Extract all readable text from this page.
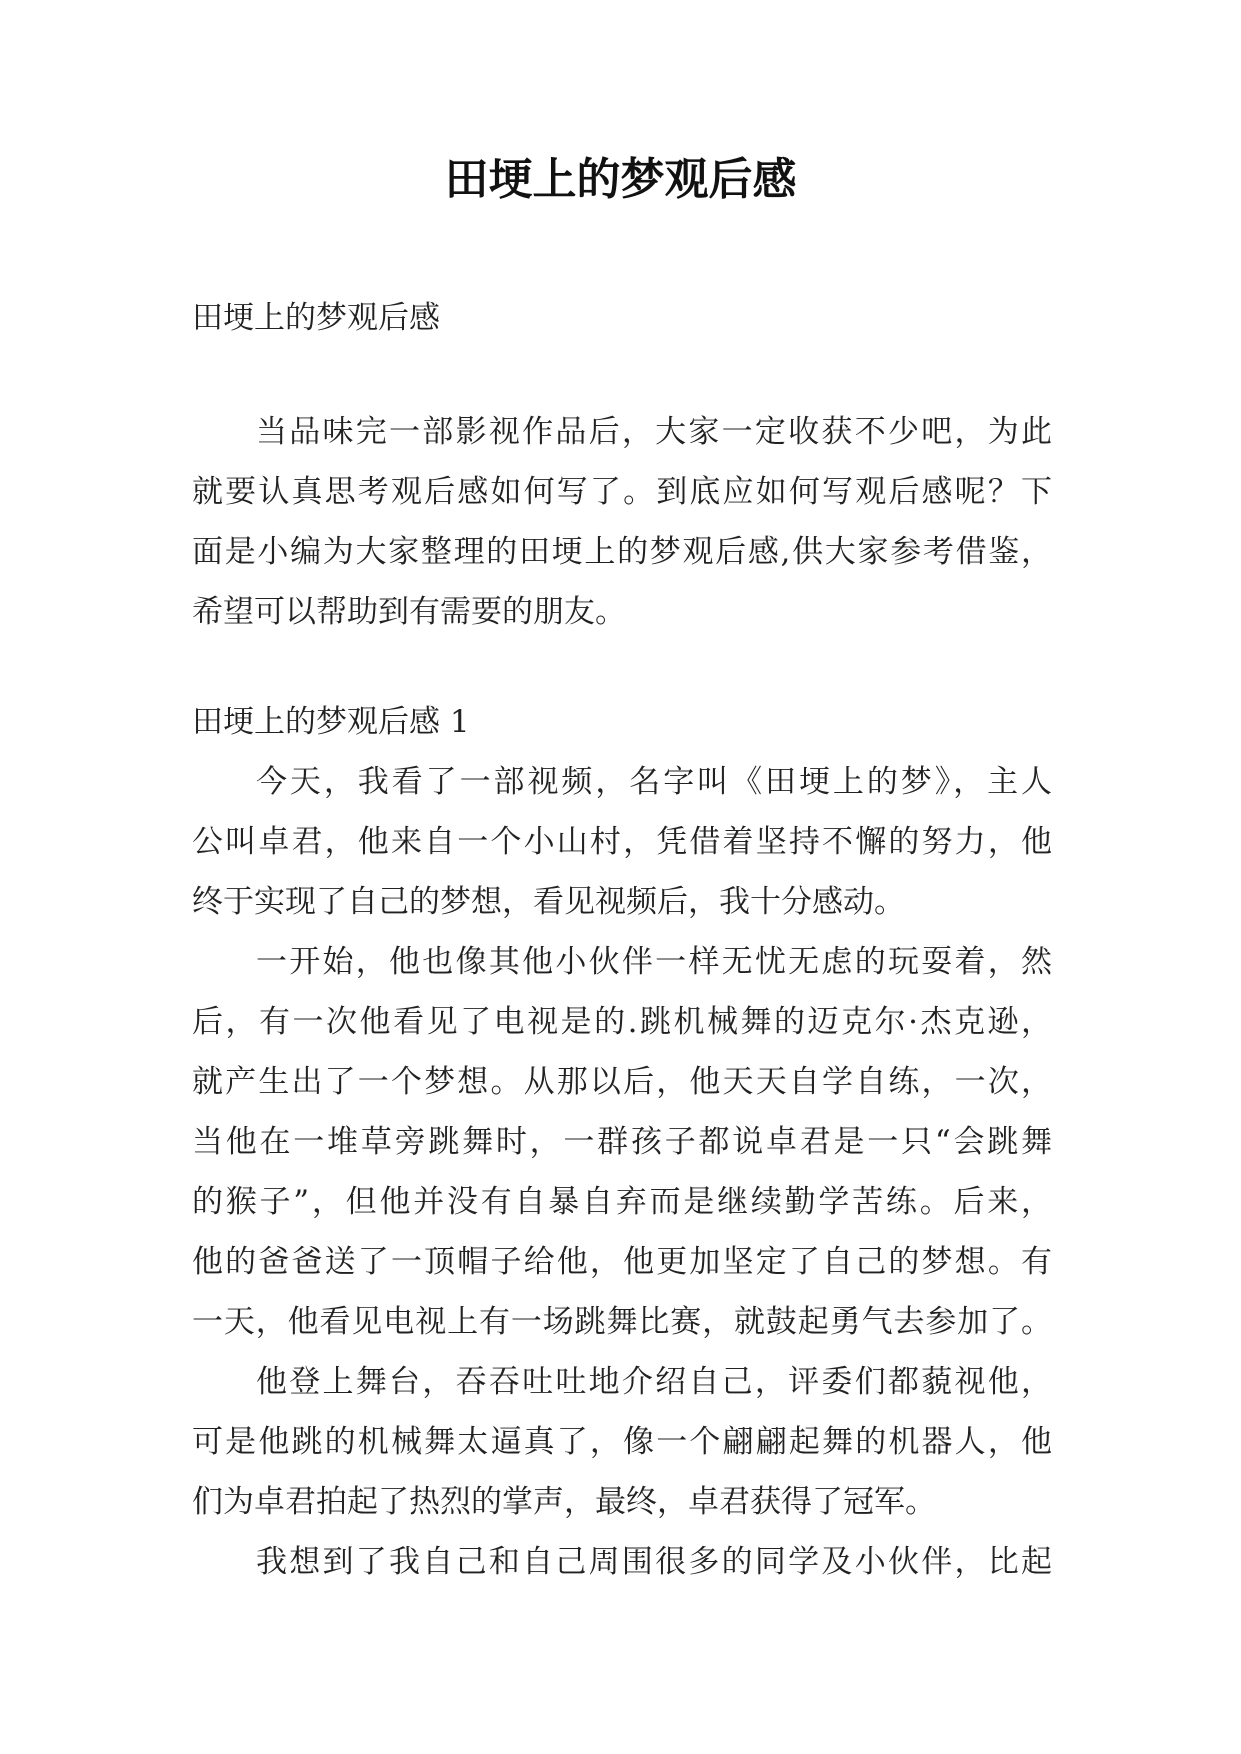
田埂上的梦观后感
田埂上的梦观后感
当品味完一部影视作品后，大家一定收获不少吧，为此
就要认真思考观后感如何写了。到底应如何写观后感呢？下
面是小编为大家整理的田埂上的梦观后感,供大家参考借鉴，
希望可以帮助到有需要的朋友。
田埂上的梦观后感 1
今天，我看了一部视频，名字叫《田埂上的梦》，主人
公叫卓君，他来自一个小山村，凭借着坚持不懈的努力，他
终于实现了自己的梦想，看见视频后，我十分感动。
一开始，他也像其他小伙伴一样无忧无虑的玩耍着，然
后，有一次他看见了电视是的.跳机械舞的迈克尔·杰克逊，
就产生出了一个梦想。从那以后，他天天自学自练，一次，
当他在一堆草旁跳舞时，一群孩子都说卓君是一只“会跳舞
的猴子”，但他并没有自暴自弃而是继续勤学苦练。后来，
他的爸爸送了一顶帽子给他，他更加坚定了自己的梦想。有
一天，他看见电视上有一场跳舞比赛，就鼓起勇气去参加了。
他登上舞台，吞吞吐吐地介绍自己，评委们都藐视他，
可是他跳的机械舞太逼真了，像一个翩翩起舞的机器人，他
们为卓君拍起了热烈的掌声，最终，卓君获得了冠军。
我想到了我自己和自己周围很多的同学及小伙伴，比起
